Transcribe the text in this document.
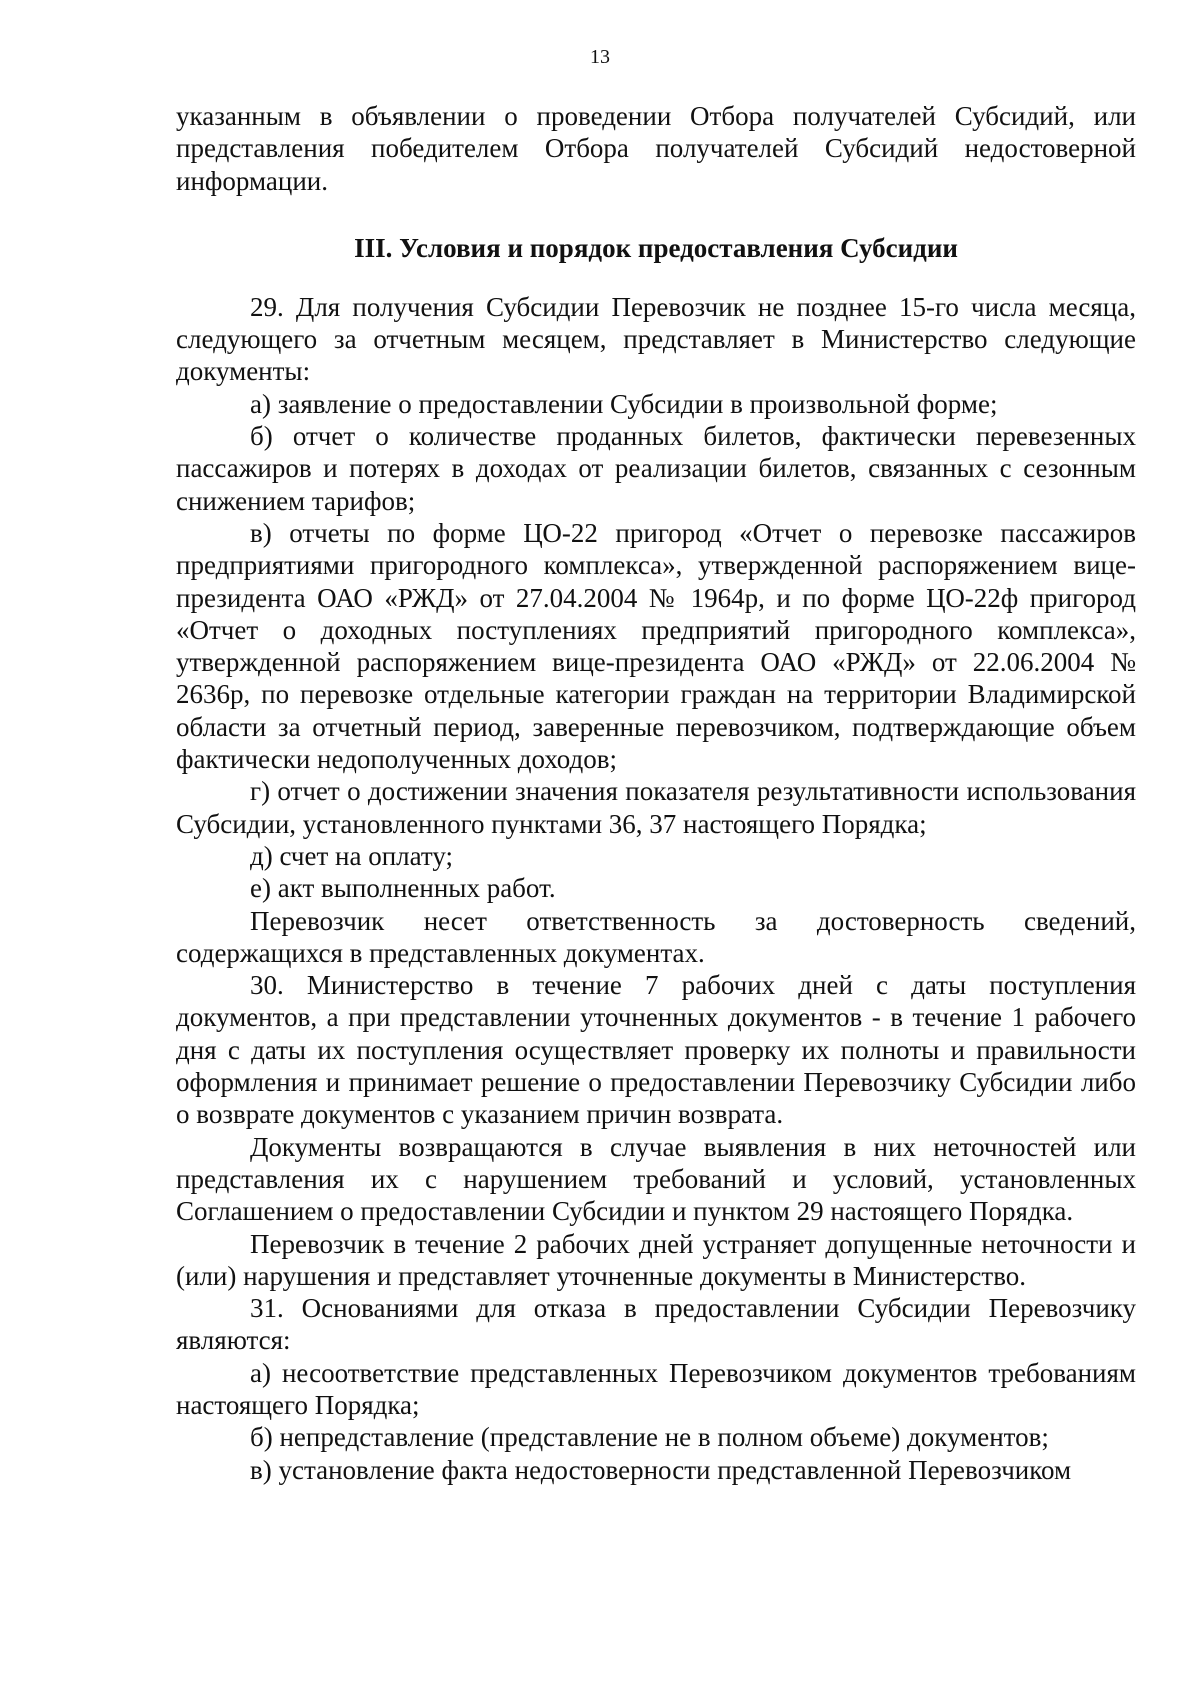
13

указанным в объявлении о проведении Отбора получателей Субсидий, или представления победителем Отбора получателей Субсидий недостоверной информации.

III. Условия и порядок предоставления Субсидии

29. Для получения Субсидии Перевозчик не позднее 15-го числа месяца, следующего за отчетным месяцем, представляет в Министерство следующие документы:

а) заявление о предоставлении Субсидии в произвольной форме;

б) отчет о количестве проданных билетов, фактически перевезенных пассажиров и потерях в доходах от реализации билетов, связанных с сезонным снижением тарифов;

в) отчеты по форме ЦО-22 пригород «Отчет о перевозке пассажиров предприятиями пригородного комплекса», утвержденной распоряжением вице-президента ОАО «РЖД» от 27.04.2004 № 1964р, и по форме ЦО-22ф пригород «Отчет о доходных поступлениях предприятий пригородного комплекса», утвержденной распоряжением вице-президента ОАО «РЖД» от 22.06.2004 № 2636р, по перевозке отдельные категории граждан на территории Владимирской области за отчетный период, заверенные перевозчиком, подтверждающие объем фактически недополученных доходов;

г) отчет о достижении значения показателя результативности использования Субсидии, установленного пунктами 36, 37 настоящего Порядка;

д) счет на оплату;

е) акт выполненных работ.

Перевозчик несет ответственность за достоверность сведений, содержащихся в представленных документах.

30. Министерство в течение 7 рабочих дней с даты поступления документов, а при представлении уточненных документов - в течение 1 рабочего дня с даты их поступления осуществляет проверку их полноты и правильности оформления и принимает решение о предоставлении Перевозчику Субсидии либо о возврате документов с указанием причин возврата.

Документы возвращаются в случае выявления в них неточностей или представления их с нарушением требований и условий, установленных Соглашением о предоставлении Субсидии и пунктом 29 настоящего Порядка.

Перевозчик в течение 2 рабочих дней устраняет допущенные неточности и (или) нарушения и представляет уточненные документы в Министерство.

31. Основаниями для отказа в предоставлении Субсидии Перевозчику являются:

а) несоответствие представленных Перевозчиком документов требованиям настоящего Порядка;

б) непредставление (представление не в полном объеме) документов;

в) установление факта недостоверности представленной Перевозчиком
